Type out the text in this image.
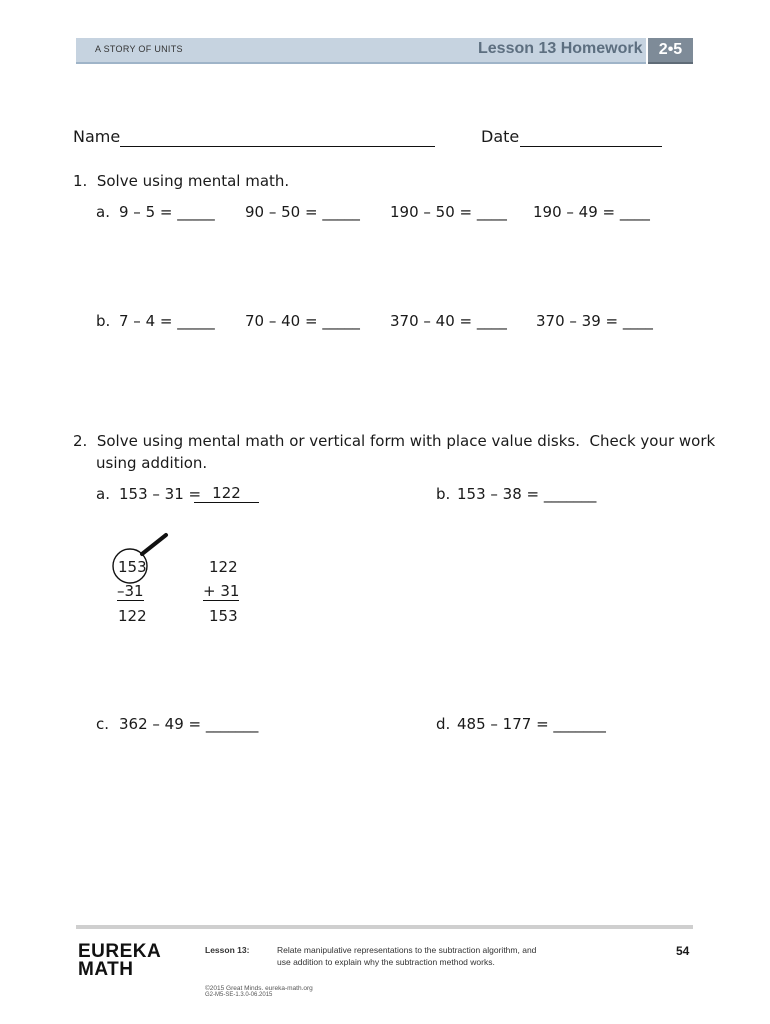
A STORY OF UNITS	Lesson 13 Homework	2•5
Name	Date
1.  Solve using mental math.
a. 9 – 5 = _____ 90 – 50 = _____ 190 – 50 = ____ 190 – 49 = ____
b. 7 – 4 = _____ 70 – 40 = _____ 370 – 40 = ____ 370 – 39 = ____
2.  Solve using mental math or vertical form with place value disks.  Check your work
using addition.
a. 153 – 31 = 122	b. 153 – 38 = _______
153
–31
122
122
+ 31
153
c. 362 – 49 = _______	d. 485 – 177 = _______
EUREKA
MATH
Lesson 13:	Relate manipulative representations to the subtraction algorithm, and
use addition to explain why the subtraction method works.
54
©2015 Great Minds. eureka-math.org
G2-M5-SE-1.3.0-06.2015
